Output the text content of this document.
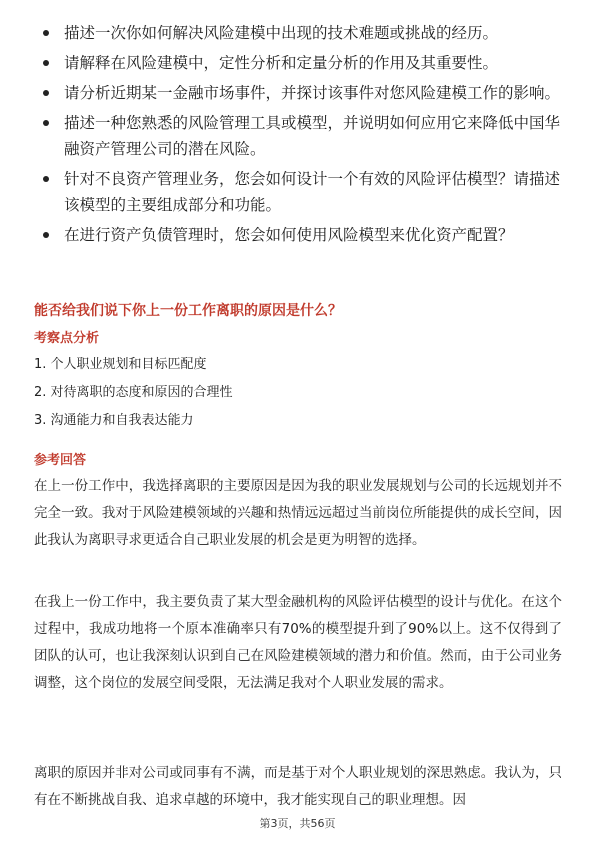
描述一次你如何解决风险建模中出现的技术难题或挑战的经历。
请解释在风险建模中，定性分析和定量分析的作用及其重要性。
请分析近期某一金融市场事件，并探讨该事件对您风险建模工作的影响。
描述一种您熟悉的风险管理工具或模型，并说明如何应用它来降低中国华融资产管理公司的潜在风险。
针对不良资产管理业务，您会如何设计一个有效的风险评估模型？请描述该模型的主要组成部分和功能。
在进行资产负债管理时，您会如何使用风险模型来优化资产配置？
能否给我们说下你上一份工作离职的原因是什么？
考察点分析
1. 个人职业规划和目标匹配度
2. 对待离职的态度和原因的合理性
3. 沟通能力和自我表达能力
参考回答

在上一份工作中，我选择离职的主要原因是因为我的职业发展规划与公司的长远规划并不完全一致。我对于风险建模领域的兴趣和热情远远超过当前岗位所能提供的成长空间，因此我认为离职寻求更适合自己职业发展的机会是更为明智的选择。

在我上一份工作中，我主要负责了某大型金融机构的风险评估模型的设计与优化。在这个过程中，我成功地将一个原本准确率只有70%的模型提升到了90%以上。这不仅得到了团队的认可，也让我深刻认识到自己在风险建模领域的潜力和价值。然而，由于公司业务调整，这个岗位的发展空间受限，无法满足我对个人职业发展的需求。

离职的原因并非对公司或同事有不满，而是基于对个人职业规划的深思熟虑。我认为，只有在不断挑战自我、追求卓越的环境中，我才能实现自己的职业理想。因

第3页，共56页
